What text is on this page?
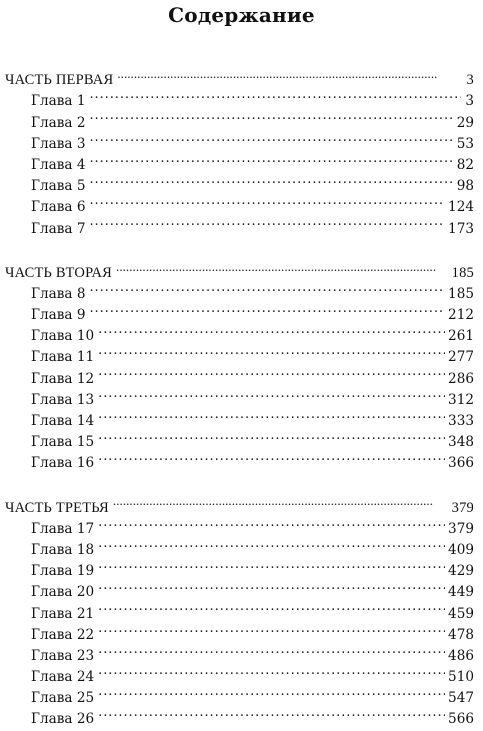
Содержание
ЧАСТЬ ПЕРВАЯ . . .	3
Глава 1 . . .	3
Глава 2 . . .	29
Глава 3 . . .	53
Глава 4 . . .	82
Глава 5 . . .	98
Глава 6 . . .	124
Глава 7 . . .	173
ЧАСТЬ ВТОРАЯ . . .	185
Глава 8 . . .	185
Глава 9 . . .	212
Глава 10 . . .	261
Глава 11 . . .	277
Глава 12 . . .	286
Глава 13 . . .	312
Глава 14 . . .	333
Глава 15 . . .	348
Глава 16 . . .	366
ЧАСТЬ ТРЕТЬЯ . . .	379
Глава 17 . . .	379
Глава 18 . . .	409
Глава 19 . . .	429
Глава 20 . . .	449
Глава 21 . . .	459
Глава 22 . . .	478
Глава 23 . . .	486
Глава 24 . . .	510
Глава 25 . . .	547
Глава 26 . . .	566
